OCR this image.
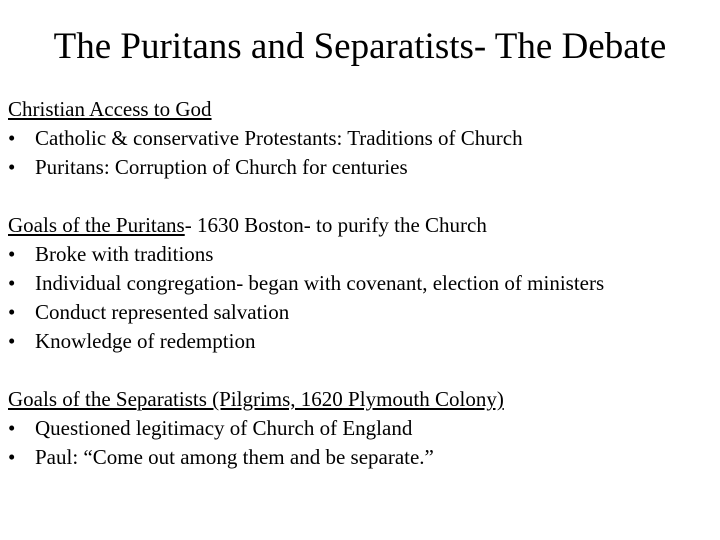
The Puritans and Separatists- The Debate
Christian Access to God
• Catholic & conservative Protestants: Traditions of Church
• Puritans: Corruption of Church for centuries
Goals of the Puritans- 1630 Boston- to purify the Church
• Broke with traditions
• Individual congregation- began with covenant, election of ministers
• Conduct represented salvation
• Knowledge of redemption
Goals of the Separatists (Pilgrims, 1620 Plymouth Colony)
• Questioned legitimacy of Church of England
• Paul: “Come out among them and be separate.”
